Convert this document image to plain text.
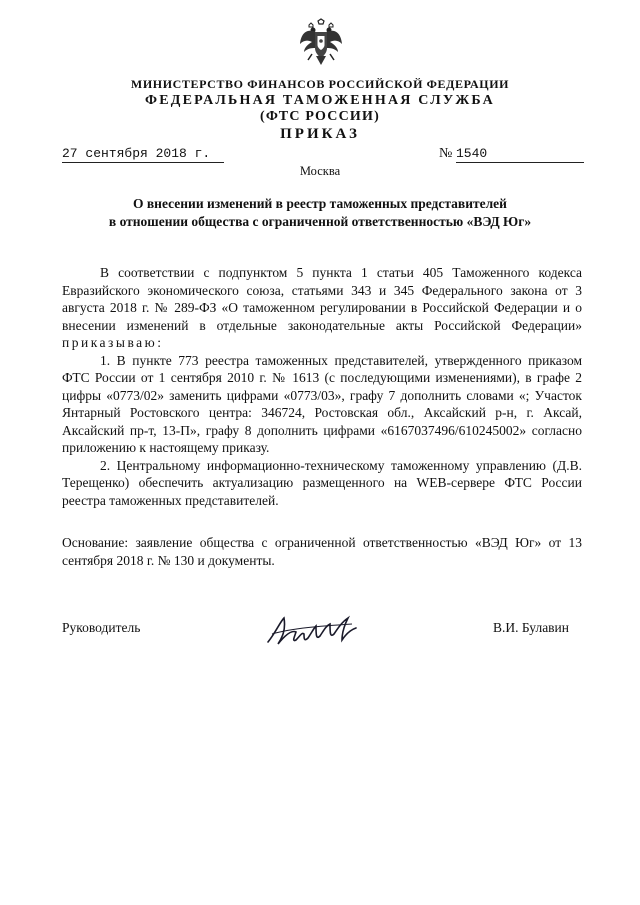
МИНИСТЕРСТВО ФИНАНСОВ РОССИЙСКОЙ ФЕДЕРАЦИИ
ФЕДЕРАЛЬНАЯ ТАМОЖЕННАЯ СЛУЖБА
(ФТС РОССИИ)
ПРИКАЗ
27 сентября 2018 г.	№ 1540
Москва
О внесении изменений в реестр таможенных представителей
в отношении общества с ограниченной ответственностью «ВЭД Юг»

В соответствии с подпунктом 5 пункта 1 статьи 405 Таможенного кодекса Евразийского экономического союза, статьями 343 и 345 Федерального закона от 3 августа 2018 г. № 289-ФЗ «О таможенном регулировании в Российской Федерации и о внесении изменений в отдельные законодательные акты Российской Федерации» приказываю:

1. В пункте 773 реестра таможенных представителей, утвержденного приказом ФТС России от 1 сентября 2010 г. № 1613 (с последующими изменениями), в графе 2 цифры «0773/02» заменить цифрами «0773/03», графу 7 дополнить словами «; Участок Янтарный Ростовского центра: 346724, Ростовская обл., Аксайский р-н, г. Аксай, Аксайский пр-т, 13-П», графу 8 дополнить цифрами «6167037496/610245002» согласно приложению к настоящему приказу.

2. Центральному информационно-техническому таможенному управлению (Д.В. Терещенко) обеспечить актуализацию размещенного на WEB-сервере ФТС России реестра таможенных представителей.

Основание: заявление общества с ограниченной ответственностью «ВЭД Юг» от 13 сентября 2018 г. № 130 и документы.
Руководитель	В.И. Булавин
